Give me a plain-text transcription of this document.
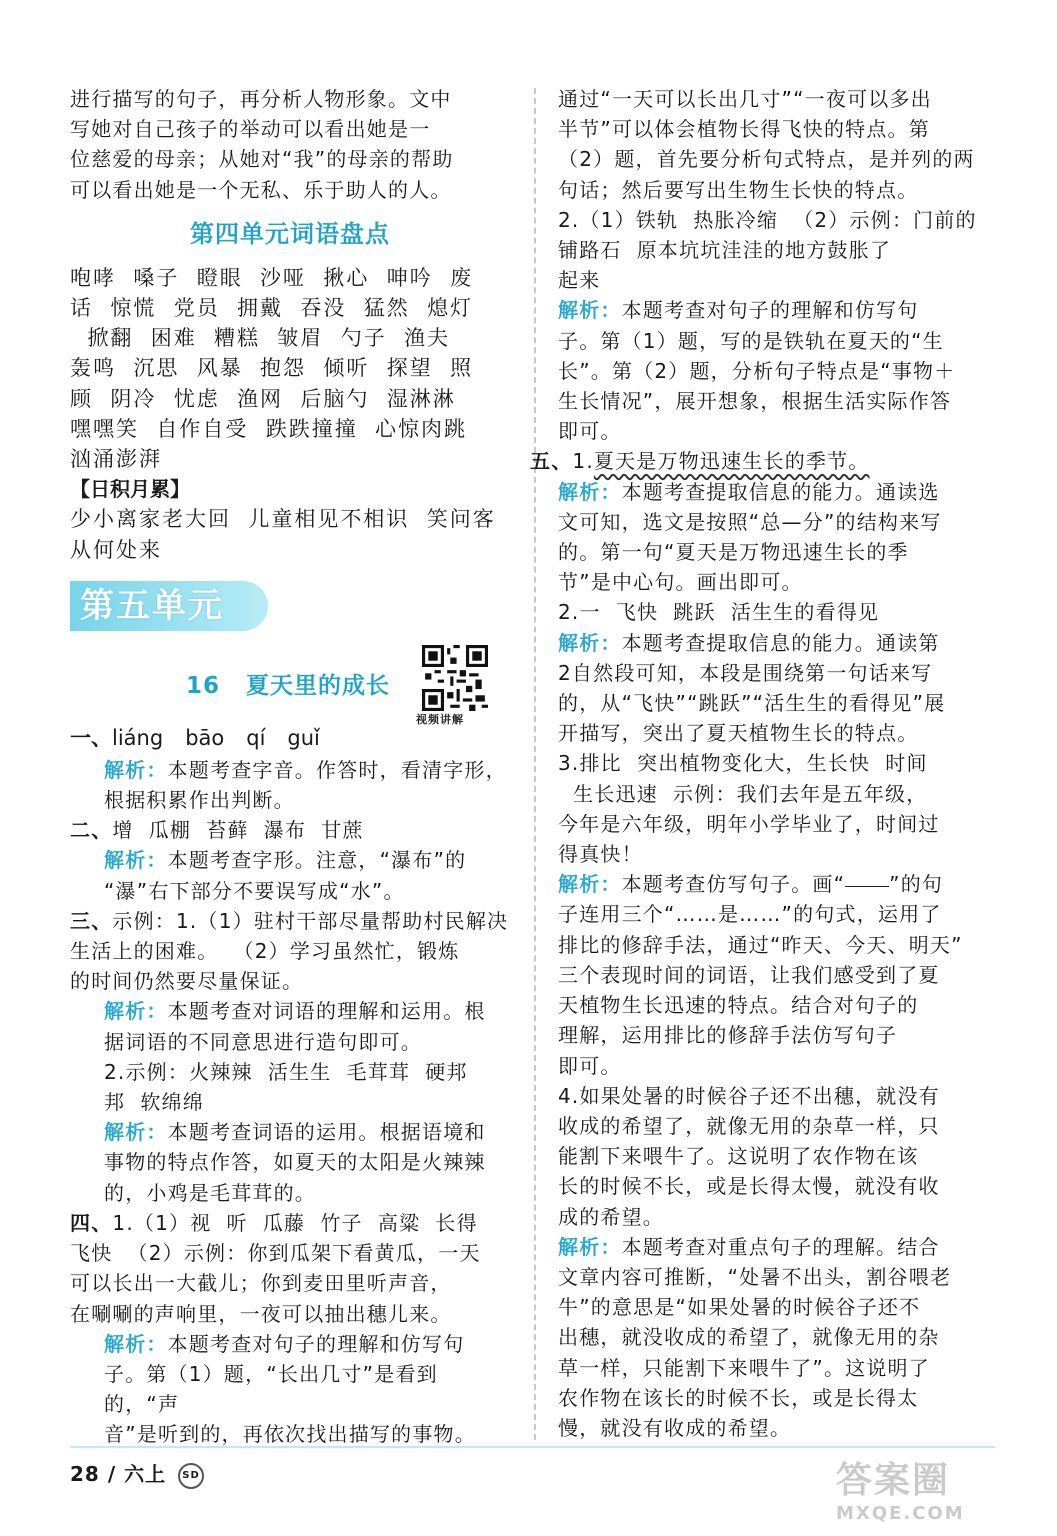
进行描写的句子，再分析人物形象。文中

写她对自己孩子的举动可以看出她是一

位慈爱的母亲；从她对“我”的母亲的帮助

可以看出她是一个无私、乐于助人的人。

第四单元词语盘点

咆哮  嗓子  瞪眼  沙哑  揪心  呻吟  废

话  惊慌  党员  拥戴  吞没  猛然  熄灯

掀翻  困难  糟糕  皱眉  勺子  渔夫

轰鸣  沉思  风暴  抱怨  倾听  探望  照

顾  阴冷  忧虑  渔网  后脑勺  湿淋淋

嘿嘿笑  自作自受  跌跌撞撞  心惊肉跳

汹涌澎湃

【日积月累】

少小离家老大回  儿童相见不相识  笑问客

从何处来

第五单元
16 夏天里的成长
视频讲解

一、liáng bāo qí guǐ

解析：本题考查字音。作答时，看清字形，
根据积累作出判断。

二、增  瓜棚  苔藓  瀑布  甘蔗

解析：本题考查字形。注意，“瀑布”的
“瀑”右下部分不要误写成“水”。

三、示例：1.（1）驻村干部尽量帮助村民解决
生活上的困难。  （2）学习虽然忙，锻炼
的时间仍然要尽量保证。

解析：本题考查对词语的理解和运用。根
据词语的不同意思进行造句即可。

2.示例：火辣辣  活生生  毛茸茸  硬邦
邦  软绵绵

解析：本题考查词语的运用。根据语境和
事物的特点作答，如夏天的太阳是火辣辣
的，小鸡是毛茸茸的。

四、1.（1）视  听  瓜藤  竹子  高粱  长得
飞快  （2）示例：你到瓜架下看黄瓜，一天
可以长出一大截儿；你到麦田里听声音，
在唰唰的声响里，一夜可以抽出穗儿来。

解析：本题考查对句子的理解和仿写句
子。第（1）题，“长出几寸”是看到的，“声
音”是听到的，再依次找出描写的事物。

通过“一天可以长出几寸”“一夜可以多出
半节”可以体会植物长得飞快的特点。第
（2）题，首先要分析句式特点，是并列的两
句话；然后要写出生物生长快的特点。

2.（1）铁轨  热胀冷缩  （2）示例：门前的
铺路石  原本坑坑洼洼的地方鼓胀了
起来

解析：本题考查对句子的理解和仿写句
子。第（1）题，写的是铁轨在夏天的“生
长”。第（2）题，分析句子特点是“事物＋
生长情况”，展开想象，根据生活实际作答
即可。

五、1.夏天是万物迅速生长的季节。

解析：本题考查提取信息的能力。通读选
文可知，选文是按照“总—分”的结构来写
的。第一句“夏天是万物迅速生长的季
节”是中心句。画出即可。

2.一  飞快  跳跃  活生生的看得见

解析：本题考查提取信息的能力。通读第
2自然段可知，本段是围绕第一句话来写
的，从“飞快”“跳跃”“活生生的看得见”展
开描写，突出了夏天植物生长的特点。

3.排比  突出植物变化大，生长快  时间
生长迅速  示例：我们去年是五年级，
今年是六年级，明年小学毕业了，时间过
得真快！

解析：本题考查仿写句子。画“ ”的句
子连用三个“……是……”的句式，运用了
排比的修辞手法，通过“昨天、今天、明天”
三个表现时间的词语，让我们感受到了夏
天植物生长迅速的特点。结合对句子的
理解，运用排比的修辞手法仿写句子
即可。

4.如果处暑的时候谷子还不出穗，就没有
收成的希望了，就像无用的杂草一样，只
能割下来喂牛了。这说明了农作物在该
长的时候不长，或是长得太慢，就没有收
成的希望。

解析：本题考查对重点句子的理解。结合
文章内容可推断，“处暑不出头，割谷喂老
牛”的意思是“如果处暑的时候谷子还不
出穗，就没收成的希望了，就像无用的杂
草一样，只能割下来喂牛了”。这说明了
农作物在该长的时候不长，或是长得太
慢，就没有收成的希望。

28 / 六上 SD	答案圈
MXQE.COM
